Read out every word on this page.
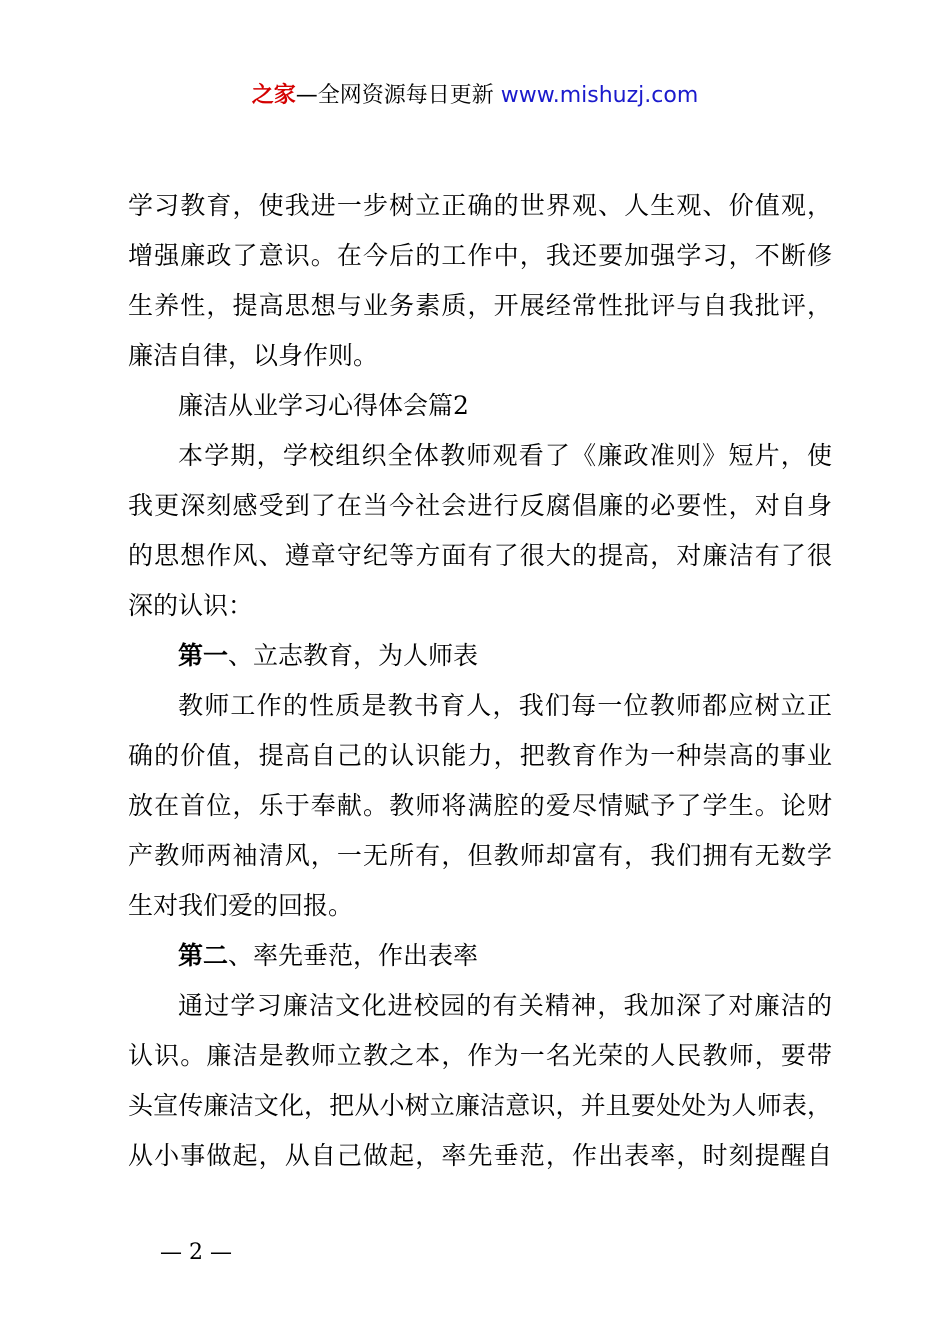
之家—全网资源每日更新 www.mishuzj.com
学习教育，使我进一步树立正确的世界观、人生观、价值观，
增强廉政了意识。在今后的工作中，我还要加强学习，不断修
生养性，提高思想与业务素质，开展经常性批评与自我批评，
廉洁自律，以身作则。
廉洁从业学习心得体会篇2
本学期，学校组织全体教师观看了《廉政准则》短片，使
我更深刻感受到了在当今社会进行反腐倡廉的必要性，对自身
的思想作风、遵章守纪等方面有了很大的提高，对廉洁有了很
深的认识：
第一、立志教育，为人师表
教师工作的性质是教书育人，我们每一位教师都应树立正
确的价值，提高自己的认识能力，把教育作为一种崇高的事业
放在首位，乐于奉献。教师将满腔的爱尽情赋予了学生。论财
产教师两袖清风，一无所有，但教师却富有，我们拥有无数学
生对我们爱的回报。
第二、率先垂范，作出表率
通过学习廉洁文化进校园的有关精神，我加深了对廉洁的
认识。廉洁是教师立教之本，作为一名光荣的人民教师，要带
头宣传廉洁文化，把从小树立廉洁意识，并且要处处为人师表，
从小事做起，从自己做起，率先垂范，作出表率，时刻提醒自
— 2 —
